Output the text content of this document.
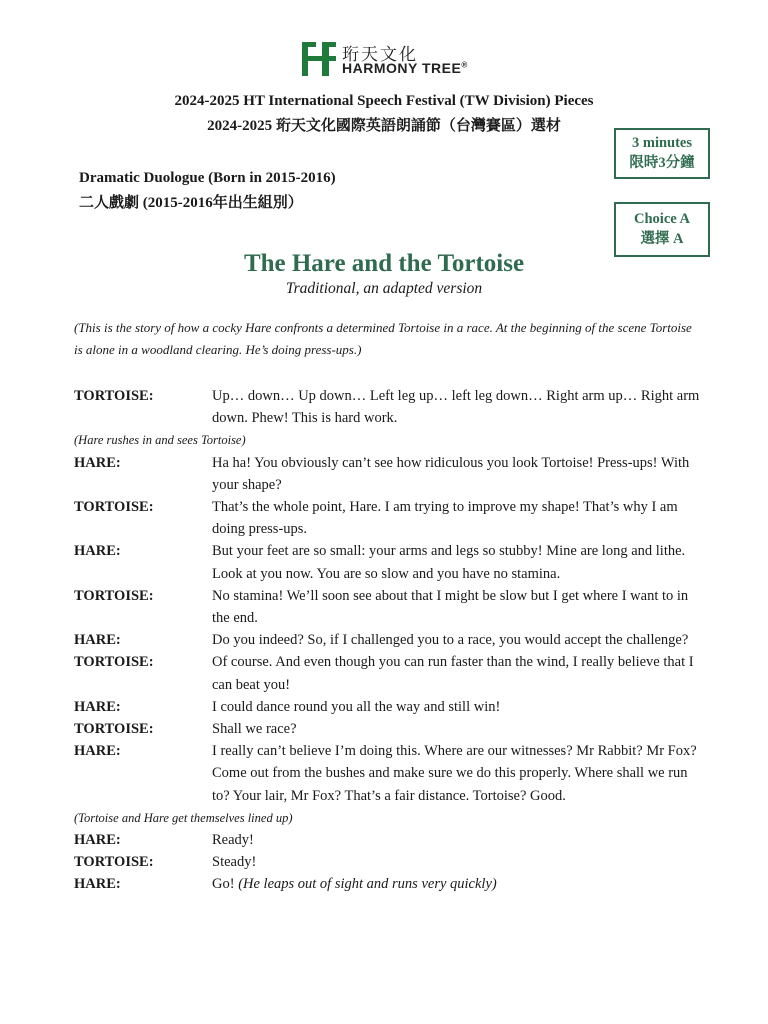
珩天文化
HARMONY TREE®
2024-2025 HT International Speech Festival (TW Division) Pieces
2024-2025 珩天文化國際英語朗誦節（台灣賽區）選材
3 minutes
限時3分鐘
Choice A
選擇 A
Dramatic Duologue (Born in 2015-2016)
二人戲劇 (2015-2016年出生組別）
The Hare and the Tortoise
Traditional, an adapted version
(This is the story of how a cocky Hare confronts a determined Tortoise in a race. At the beginning of the scene Tortoise is alone in a woodland clearing. He’s doing press-ups.)
TORTOISE:	Up… down… Up down… Left leg up… left leg down… Right arm up… Right arm down. Phew! This is hard work.
(Hare rushes in and sees Tortoise)
HARE:	Ha ha! You obviously can’t see how ridiculous you look Tortoise! Press-ups! With your shape?
TORTOISE:	That’s the whole point, Hare. I am trying to improve my shape! That’s why I am doing press-ups.
HARE:	But your feet are so small: your arms and legs so stubby! Mine are long and lithe. Look at you now. You are so slow and you have no stamina.
TORTOISE:	No stamina! We’ll soon see about that I might be slow but I get where I want to in the end.
HARE:	Do you indeed? So, if I challenged you to a race, you would accept the challenge?
TORTOISE:	Of course. And even though you can run faster than the wind, I really believe that I can beat you!
HARE:	I could dance round you all the way and still win!
TORTOISE:	Shall we race?
HARE:	I really can’t believe I’m doing this. Where are our witnesses? Mr Rabbit? Mr Fox? Come out from the bushes and make sure we do this properly. Where shall we run to? Your lair, Mr Fox? That’s a fair distance. Tortoise? Good.
(Tortoise and Hare get themselves lined up)
HARE:	Ready!
TORTOISE:	Steady!
HARE:	Go! (He leaps out of sight and runs very quickly)
